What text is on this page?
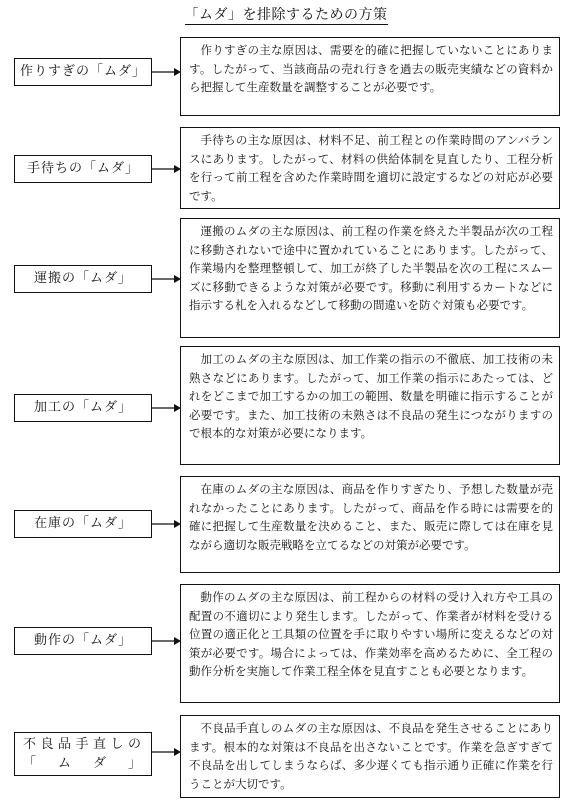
「ムダ」を排除するための方策
作りすぎの「ムダ」
作りすぎの主な原因は、需要を的確に把握していないことにあります。したがって、当該商品の売れ行きを過去の販売実績などの資料から把握して生産数量を調整することが必要です。
手待ちの「ムダ」
手待ちの主な原因は、材料不足、前工程との作業時間のアンバランスにあります。したがって、材料の供給体制を見直したり、工程分析を行って前工程を含めた作業時間を適切に設定するなどの対応が必要です。
運搬の「ムダ」
運搬のムダの主な原因は、前工程の作業を終えた半製品が次の工程に移動されないで途中に置かれていることにあります。したがって、作業場内を整理整頓して、加工が終了した半製品を次の工程にスムーズに移動できるような対策が必要です。移動に利用するカートなどに指示する札を入れるなどして移動の間違いを防ぐ対策も必要です。
加工の「ムダ」
加工のムダの主な原因は、加工作業の指示の不徹底、加工技術の未熟さなどにあります。したがって、加工作業の指示にあたっては、どれをどこまで加工するかの加工の範囲、数量を明確に指示することが必要です。また、加工技術の未熟さは不良品の発生につながりますので根本的な対策が必要になります。
在庫の「ムダ」
在庫のムダの主な原因は、商品を作りすぎたり、予想した数量が売れなかったことにあります。したがって、商品を作る時には需要を的確に把握して生産数量を決めること、また、販売に際しては在庫を見ながら適切な販売戦略を立てるなどの対策が必要です。
動作の「ムダ」
動作のムダの主な原因は、前工程からの材料の受け入れ方や工具の配置の不適切により発生します。したがって、作業者が材料を受ける位置の適正化と工具類の位置を手に取りやすい場所に変えるなどの対策が必要です。場合によっては、作業効率を高めるために、全工程の動作分析を実施して作業工程全体を見直すことも必要となります。
不良品手直しの「ムダ」
不良品手直しのムダの主な原因は、不良品を発生させることにあります。根本的な対策は不良品を出さないことです。作業を急ぎすぎて不良品を出してしまうならば、多少遅くても指示通り正確に作業を行うことが大切です。
